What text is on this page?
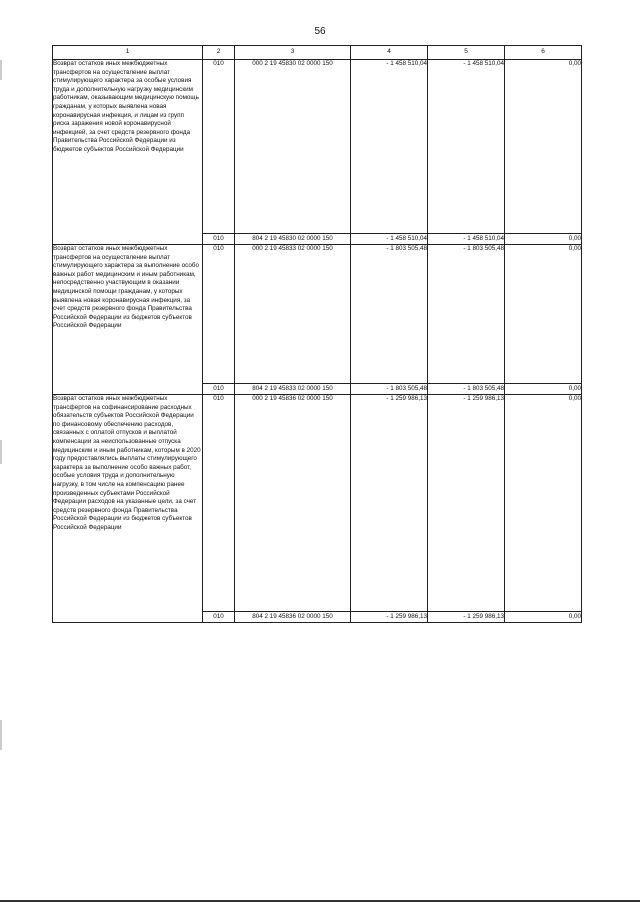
56
1	2	3	4	5	6
Возврат остатков иных межбюджетных трансфертов на осуществление выплат стимулирующего характера за особые условия труда и дополнительную нагрузку медицинским работникам, оказывающим медицинскую помощь гражданам, у которых выявлена новая коронавирусная инфекция, и лицам из групп риска заражения новой коронавирусной инфекцией, за счет средств резервного фонда Правительства Российской Федерации из бюджетов субъектов Российской Федерации	010	000 2 19 45830 02 0000 150	- 1 458 510,04	- 1 458 510,04	0,00
	010	804 2 19 45830 02 0000 150	- 1 458 510,04	- 1 458 510,04	0,00
Возврат остатков иных межбюджетных трансфертов на осуществление выплат стимулирующего характера за выполнение особо важных работ медицинским и иным работникам, непосредственно участвующим в оказании медицинской помощи гражданам, у которых выявлена новая коронавирусная инфекция, за счет средств резервного фонда Правительства Российской Федерации из бюджетов субъектов Российской Федерации	010	000 2 19 45833 02 0000 150	- 1 803 505,48	- 1 803 505,48	0,00
	010	804 2 19 45833 02 0000 150	- 1 803 505,48	- 1 803 505,48	0,00
Возврат остатков иных межбюджетных трансфертов на софинансирование расходных обязательств субъектов Российской Федерации по финансовому обеспечению расходов, связанных с оплатой отпусков и выплатой компенсации за неиспользованные отпуска медицинским и иным работникам, которым в 2020 году предоставлялись выплаты стимулирующего характера за выполнение особо важных работ, особые условия труда и дополнительную нагрузку, в том числе на компенсацию ранее произведенных субъектами Российской Федерации расходов на указанные цели, за счет средств резервного фонда Правительства Российской Федерации из бюджетов субъектов Российской Федерации	010	000 2 19 45836 02 0000 150	- 1 259 986,13	- 1 259 986,13	0,00
	010	804 2 19 45836 02 0000 150	- 1 259 986,13	- 1 259 986,13	0,00
